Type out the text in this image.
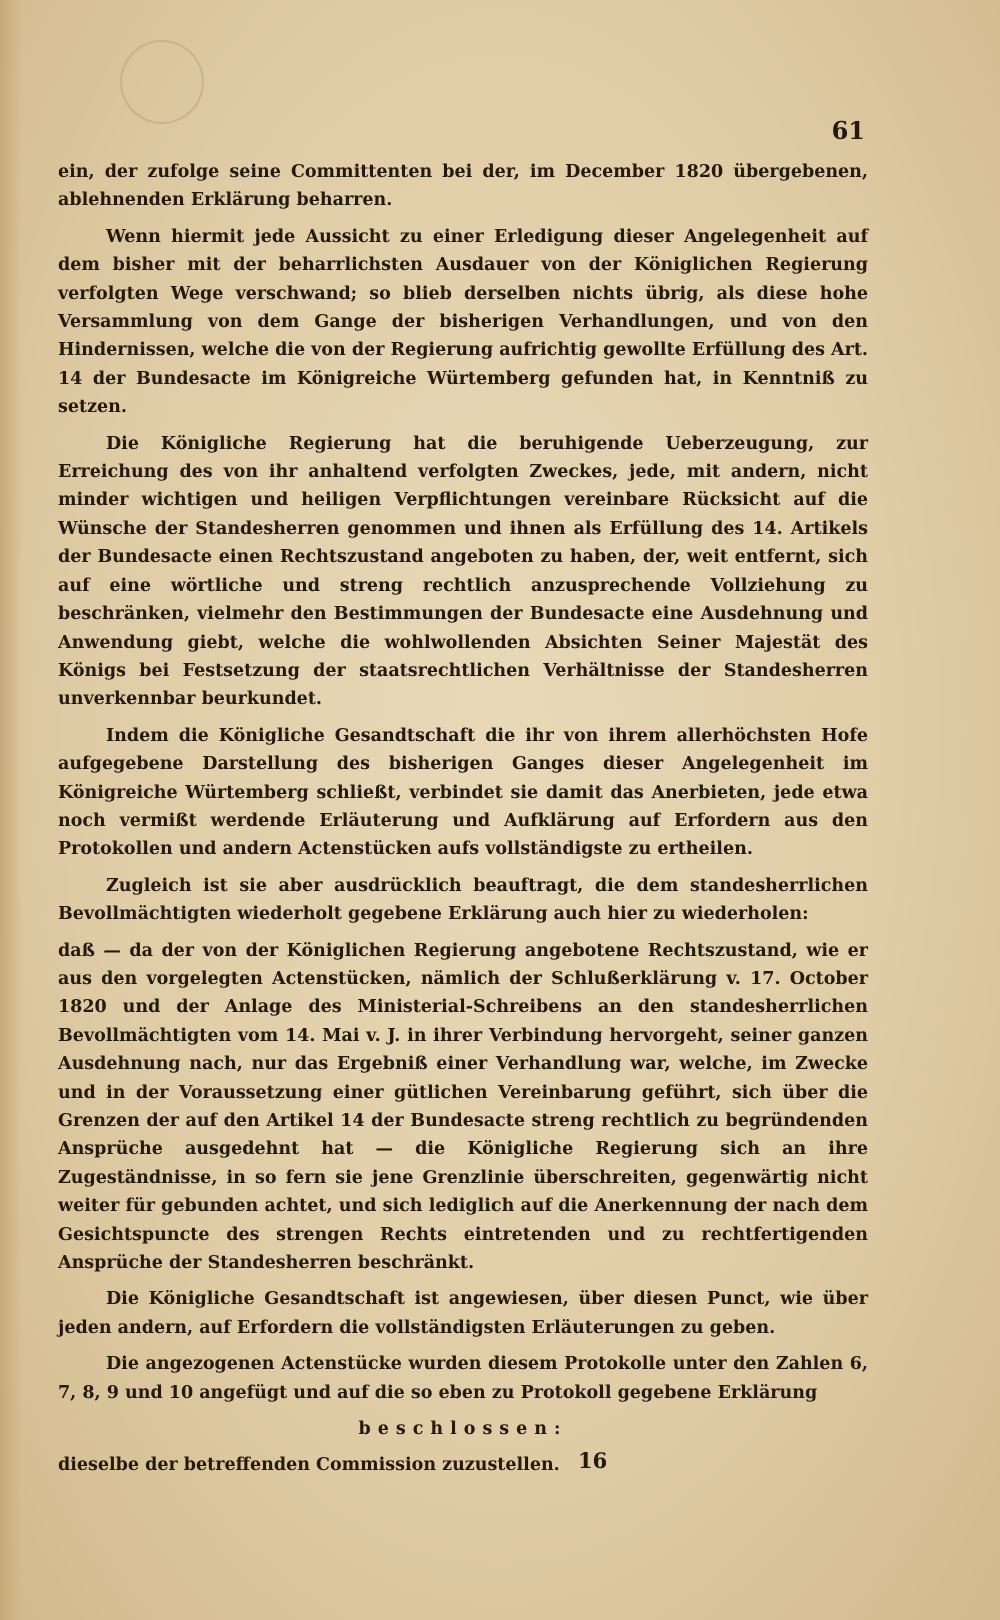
61

ein, der zufolge seine Committenten bei der, im December 1820 übergebenen, ablehnenden Erklärung beharren.

Wenn hiermit jede Aussicht zu einer Erledigung dieser Angelegenheit auf dem bisher mit der beharrlichsten Ausdauer von der Königlichen Regierung verfolgten Wege verschwand; so blieb derselben nichts übrig, als diese hohe Versammlung von dem Gange der bisherigen Verhandlungen, und von den Hindernissen, welche die von der Regierung aufrichtig gewollte Erfüllung des Art. 14 der Bundesacte im Königreiche Würtemberg gefunden hat, in Kenntniß zu setzen.

Die Königliche Regierung hat die beruhigende Ueberzeugung, zur Erreichung des von ihr anhaltend verfolgten Zweckes, jede, mit andern, nicht minder wichtigen und heiligen Verpflichtungen vereinbare Rücksicht auf die Wünsche der Standesherren genommen und ihnen als Erfüllung des 14. Artikels der Bundesacte einen Rechtszustand angeboten zu haben, der, weit entfernt, sich auf eine wörtliche und streng rechtlich anzusprechende Vollziehung zu beschränken, vielmehr den Bestimmungen der Bundesacte eine Ausdehnung und Anwendung giebt, welche die wohlwollenden Absichten Seiner Majestät des Königs bei Festsetzung der staatsrechtlichen Verhältnisse der Standesherren unverkennbar beurkundet.

Indem die Königliche Gesandtschaft die ihr von ihrem allerhöchsten Hofe aufgegebene Darstellung des bisherigen Ganges dieser Angelegenheit im Königreiche Würtemberg schließt, verbindet sie damit das Anerbieten, jede etwa noch vermißt werdende Erläuterung und Aufklärung auf Erfordern aus den Protokollen und andern Actenstücken aufs vollständigste zu ertheilen.

Zugleich ist sie aber ausdrücklich beauftragt, die dem standesherrlichen Bevollmächtigten wiederholt gegebene Erklärung auch hier zu wiederholen:

daß — da der von der Königlichen Regierung angebotene Rechtszustand, wie er aus den vorgelegten Actenstücken, nämlich der Schlußerklärung v. 17. October 1820 und der Anlage des Ministerial-Schreibens an den standesherrlichen Bevollmächtigten vom 14. Mai v. J. in ihrer Verbindung hervorgeht, seiner ganzen Ausdehnung nach, nur das Ergebniß einer Verhandlung war, welche, im Zwecke und in der Voraussetzung einer gütlichen Vereinbarung geführt, sich über die Grenzen der auf den Artikel 14 der Bundesacte streng rechtlich zu begründenden Ansprüche ausgedehnt hat — die Königliche Regierung sich an ihre Zugeständnisse, in so fern sie jene Grenzlinie überschreiten, gegenwärtig nicht weiter für gebunden achtet, und sich lediglich auf die Anerkennung der nach dem Gesichtspuncte des strengen Rechts eintretenden und zu rechtfertigenden Ansprüche der Standesherren beschränkt.

Die Königliche Gesandtschaft ist angewiesen, über diesen Punct, wie über jeden andern, auf Erfordern die vollständigsten Erläuterungen zu geben.

Die angezogenen Actenstücke wurden diesem Protokolle unter den Zahlen 6, 7, 8, 9 und 10 angefügt und auf die so eben zu Protokoll gegebene Erklärung

beschlossen:

dieselbe der betreffenden Commission zuzustellen. 16
